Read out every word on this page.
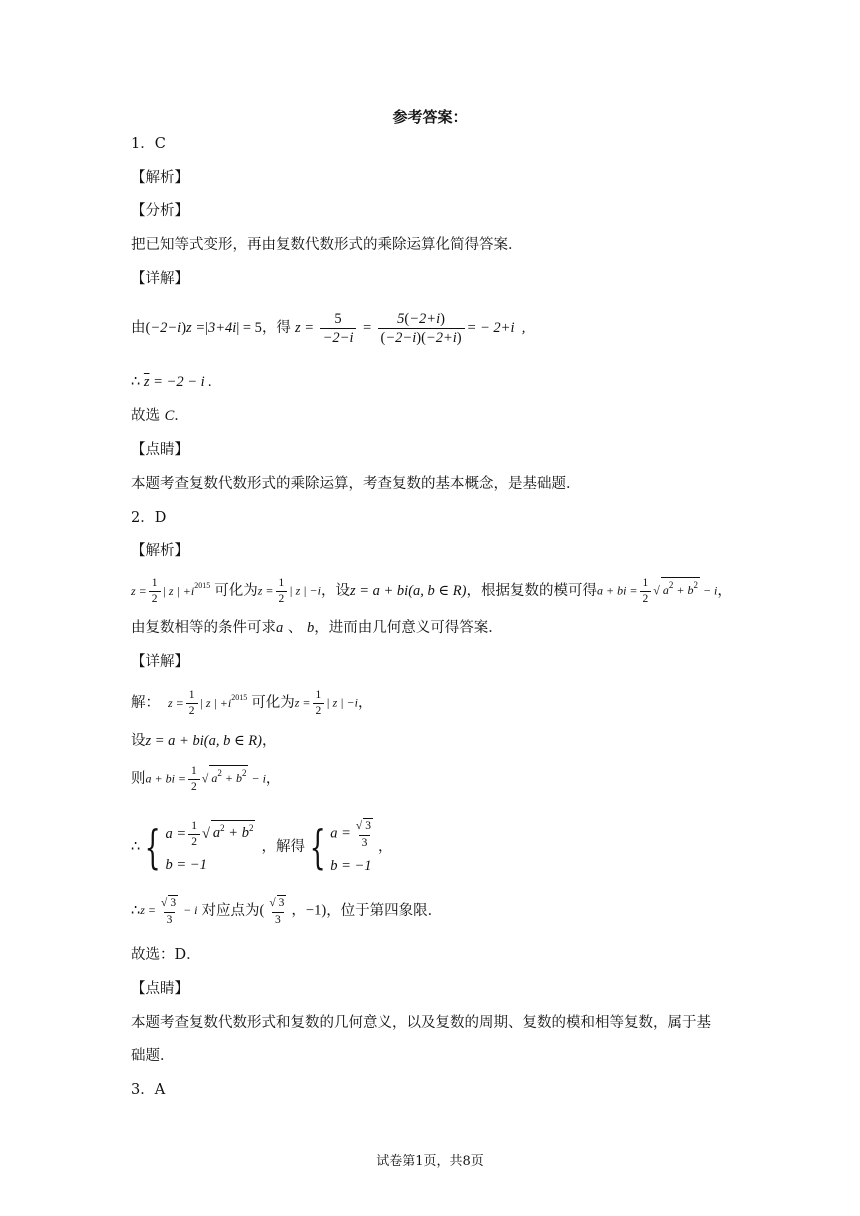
参考答案：
1．C
【解析】
【分析】
把已知等式变形，再由复数代数形式的乘除运算化简得答案．
【详解】
由 (−2−i)z =|3+4i| = 5 ，得 $z = \frac{5}{-2-i} = \frac{5(-2+i)}{(-2-i)(-2+i)}$ = − 2+i  ,
∴ $\overline{z} = -2 - i$ .
故选 C．
【点睛】
本题考查复数代数形式的乘除运算，考查复数的基本概念，是基础题．
2．D
【解析】
$z = \frac{1}{2}$ | z | $+i^{2015}$ 可化为 $z = \frac{1}{2}$ | z | −i ，设 z = a + bi(a, b ∈ R) ，根据复数的模可得 a + bi = $\frac{1}{2}$ √ $a^2 + b^2 - i$ ，
由复数相等的条件可求a 、 b，进而由几何意义可得答案．
【详解】
解： $z = \frac{1}{2}$ | z | $+i^{2015}$ 可化为 $z = \frac{1}{2}$ | z | −i ，
设z = a + bi(a, b ∈ R)，
则 a + bi = $\frac{1}{2}$ √ $a^2 + b^2 - i$ ，
∴ { $a = \frac{1}{2}$ √ $a^2 + b^2$
b = −1
，解得 { $a = \frac{√ 3}{3}$
b = −1
，
∴ $z = \frac{√ 3}{3} - i$ 对应点为 ( $\frac{√ 3}{3}$ ，−1) ，位于第四象限．
故选：D．
【点睛】
本题考查复数代数形式和复数的几何意义，以及复数的周期、复数的模和相等复数，属于基
础题．
3．A
试卷第1页，共8页
